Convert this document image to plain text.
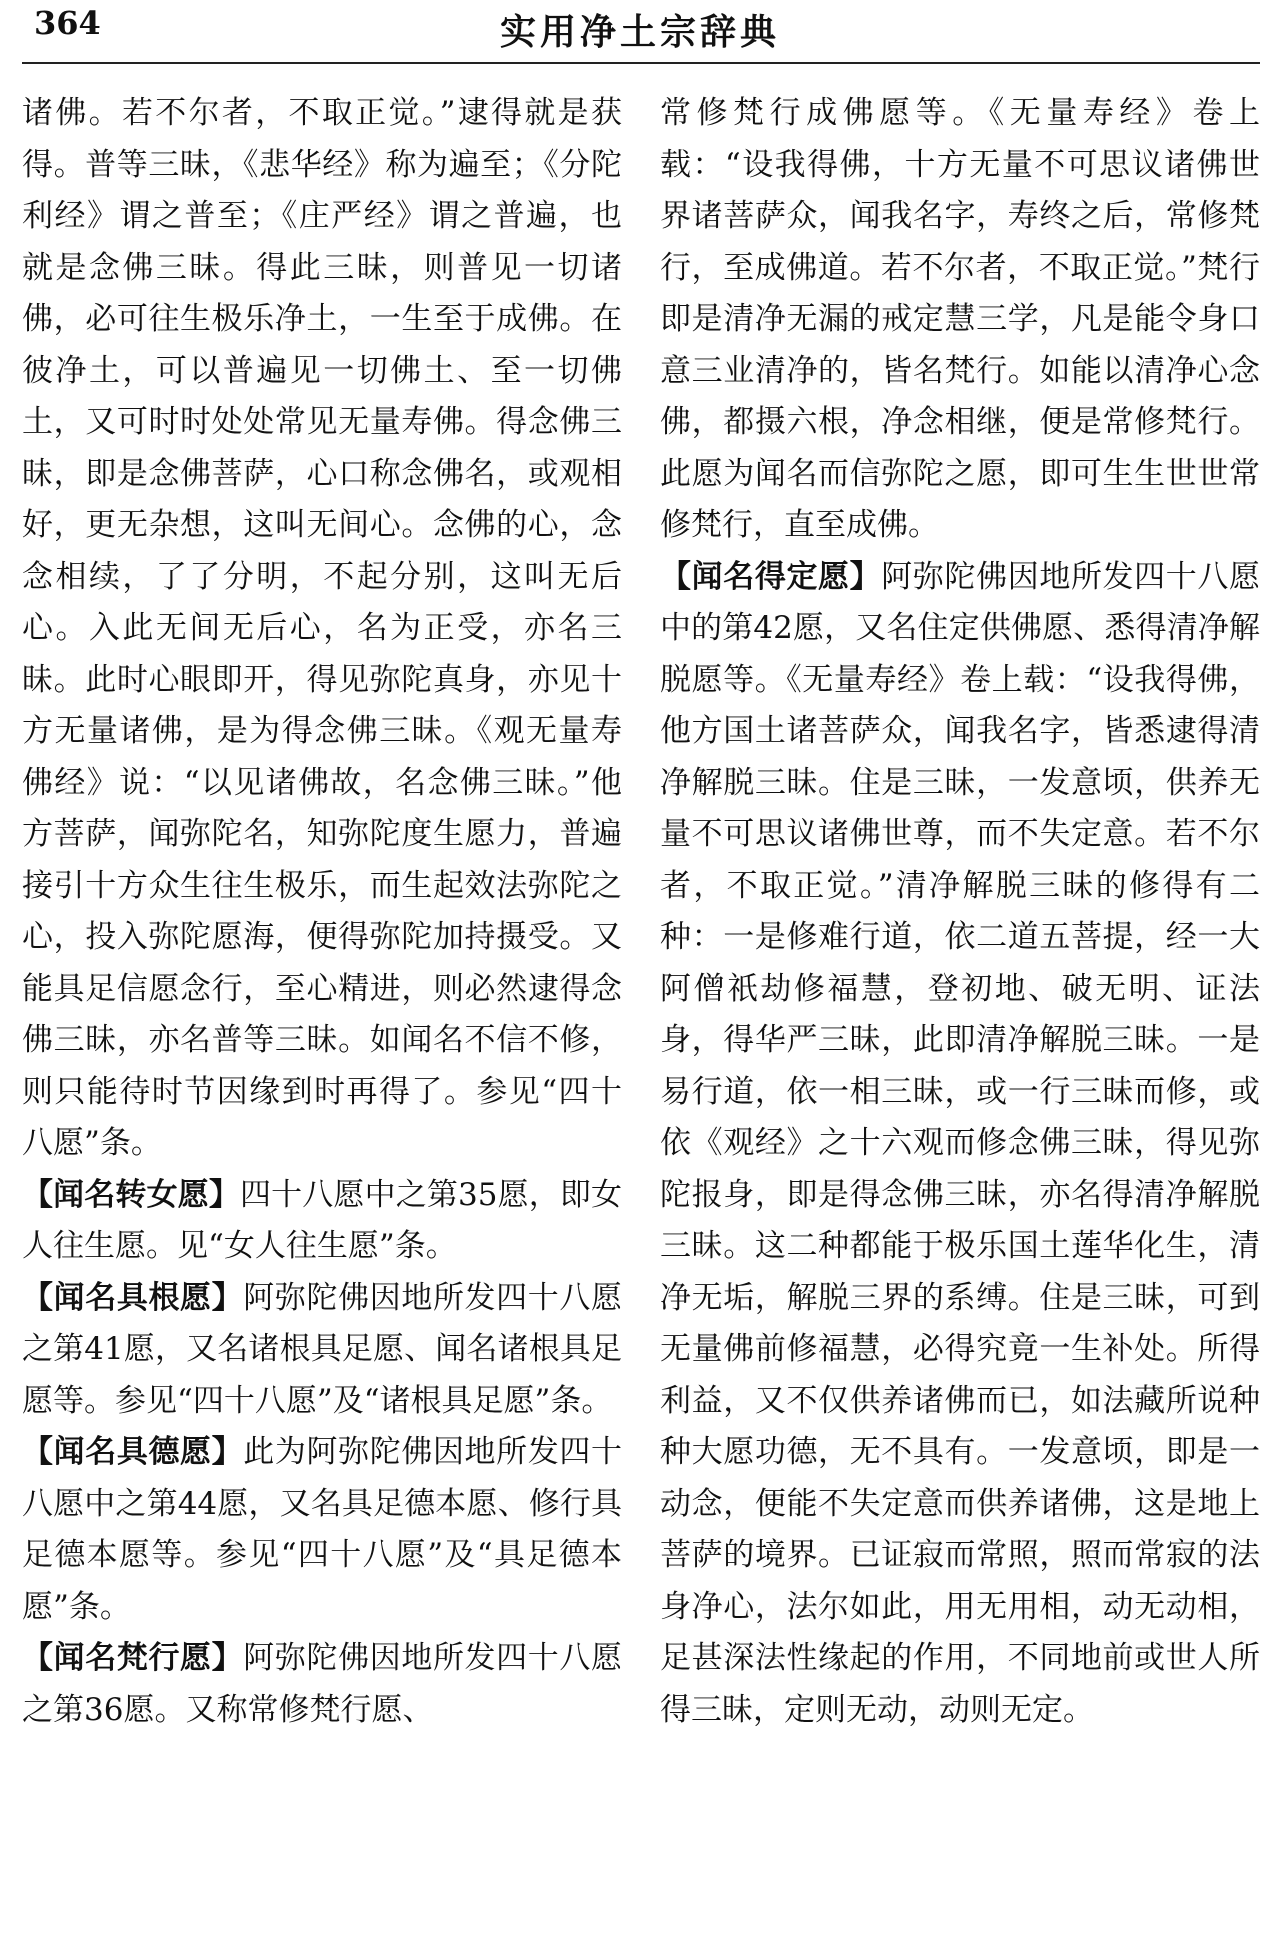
364	实用净土宗辞典

诸佛。若不尔者，不取正觉。”逮得就是获得。普等三昧，《悲华经》称为遍至；《分陀利经》谓之普至；《庄严经》谓之普遍，也就是念佛三昧。得此三昧，则普见一切诸佛，必可往生极乐净土，一生至于成佛。在彼净土，可以普遍见一切佛土、至一切佛土，又可时时处处常见无量寿佛。得念佛三昧，即是念佛菩萨，心口称念佛名，或观相好，更无杂想，这叫无间心。念佛的心，念念相续，了了分明，不起分别，这叫无后心。入此无间无后心，名为正受，亦名三昧。此时心眼即开，得见弥陀真身，亦见十方无量诸佛，是为得念佛三昧。《观无量寿佛经》说：“以见诸佛故，名念佛三昧。”他方菩萨，闻弥陀名，知弥陀度生愿力，普遍接引十方众生往生极乐，而生起效法弥陀之心，投入弥陀愿海，便得弥陀加持摄受。又能具足信愿念行，至心精进，则必然逮得念佛三昧，亦名普等三昧。如闻名不信不修，则只能待时节因缘到时再得了。参见“四十八愿”条。

【闻名转女愿】四十八愿中之第35愿，即女人往生愿。见“女人往生愿”条。

【闻名具根愿】阿弥陀佛因地所发四十八愿之第41愿，又名诸根具足愿、闻名诸根具足愿等。参见“四十八愿”及“诸根具足愿”条。

【闻名具德愿】此为阿弥陀佛因地所发四十八愿中之第44愿，又名具足德本愿、修行具足德本愿等。参见“四十八愿”及“具足德本愿”条。

【闻名梵行愿】阿弥陀佛因地所发四十八愿之第36愿。又称常修梵行愿、

常修梵行成佛愿等。《无量寿经》卷上载：“设我得佛，十方无量不可思议诸佛世界诸菩萨众，闻我名字，寿终之后，常修梵行，至成佛道。若不尔者，不取正觉。”梵行即是清净无漏的戒定慧三学，凡是能令身口意三业清净的，皆名梵行。如能以清净心念佛，都摄六根，净念相继，便是常修梵行。此愿为闻名而信弥陀之愿，即可生生世世常修梵行，直至成佛。

【闻名得定愿】阿弥陀佛因地所发四十八愿中的第42愿，又名住定供佛愿、悉得清净解脱愿等。《无量寿经》卷上载：“设我得佛，他方国土诸菩萨众，闻我名字，皆悉逮得清净解脱三昧。住是三昧，一发意顷，供养无量不可思议诸佛世尊，而不失定意。若不尔者，不取正觉。”清净解脱三昧的修得有二种：一是修难行道，依二道五菩提，经一大阿僧祇劫修福慧，登初地、破无明、证法身，得华严三昧，此即清净解脱三昧。一是易行道，依一相三昧，或一行三昧而修，或依《观经》之十六观而修念佛三昧，得见弥陀报身，即是得念佛三昧，亦名得清净解脱三昧。这二种都能于极乐国土莲华化生，清净无垢，解脱三界的系缚。住是三昧，可到无量佛前修福慧，必得究竟一生补处。所得利益，又不仅供养诸佛而已，如法藏所说种种大愿功德，无不具有。一发意顷，即是一动念，便能不失定意而供养诸佛，这是地上菩萨的境界。已证寂而常照，照而常寂的法身净心，法尔如此，用无用相，动无动相，足甚深法性缘起的作用，不同地前或世人所得三昧，定则无动，动则无定。
